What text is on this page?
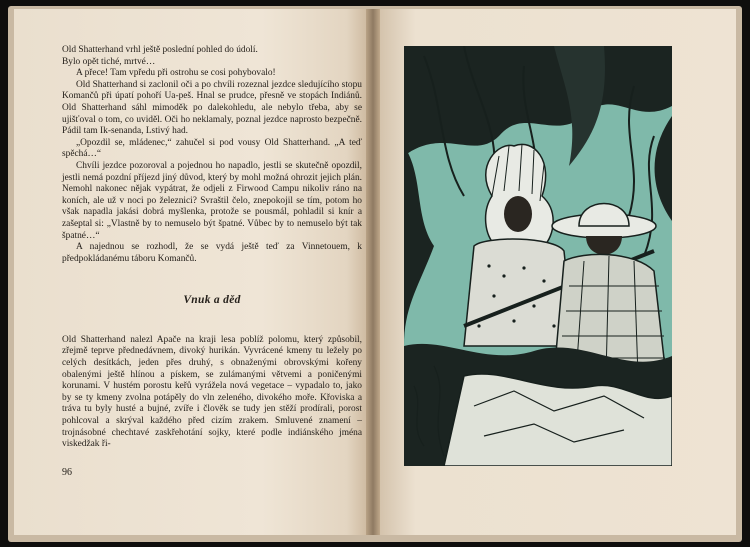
Old Shatterhand vrhl ještě poslední pohled do údolí.

Bylo opět tiché, mrtvé…

A přece! Tam vpředu při ostrohu se cosi pohybovalo!

Old Shatterhand si zaclonil oči a po chvíli rozeznal jezdce sledujícího stopu Komančů při úpatí pohoří Ua-peš. Hnal se prudce, přesně ve stopách Indiánů. Old Shatterhand sáhl mimoděk po dalekohledu, ale nebylo třeba, aby se ujišťoval o tom, co uviděl. Oči ho neklamaly, poznal jezdce naprosto bezpečně. Pádil tam Ik-senanda, Lstivý had.

„Opozdil se, mládenec,“ zahučel si pod vousy Old Shatterhand. „A teď spěchá…“

Chvíli jezdce pozoroval a pojednou ho napadlo, jestli se skutečně opozdil, jestli nemá pozdní příjezd jiný důvod, který by mohl možná ohrozit jejich plán. Nemohl nakonec nějak vypátrat, že odjeli z Firwood Campu nikoliv ráno na koních, ale už v noci po železnici? Svraštil čelo, znepokojil se tím, potom ho však napadla jakási dobrá myšlenka, protože se pousmál, pohladil si knír a zašeptal si: „Vlastně by to nemuselo být špatné. Vůbec by to nemuselo být tak špatné…“

A najednou se rozhodl, že se vydá ještě teď za Vinnetouem, k předpokládanému táboru Komančů.

Vnuk a děd

Old Shatterhand nalezl Apače na kraji lesa poblíž polomu, který způsobil, zřejmě teprve přednedávnem, divoký hurikán. Vyvrácené kmeny tu ležely po celých desítkách, jeden přes druhý, s obnaženými obrovskými kořeny obalenými ještě hlínou a pískem, se zulámanými větvemi a poničenými korunami. V hustém porostu keřů vyrážela nová vegetace – vypadalo to, jako by se ty kmeny zvolna potápěly do vln zeleného, divokého moře. Křoviska a tráva tu byly husté a bujné, zvíře i člověk se tudy jen stěží prodírali, porost pohlcoval a skrýval každého před cizím zrakem. Smluvené znamení – trojnásobné chechtavé zaskřehotání sojky, které podle indiánského jména viskedžak ři-

96
